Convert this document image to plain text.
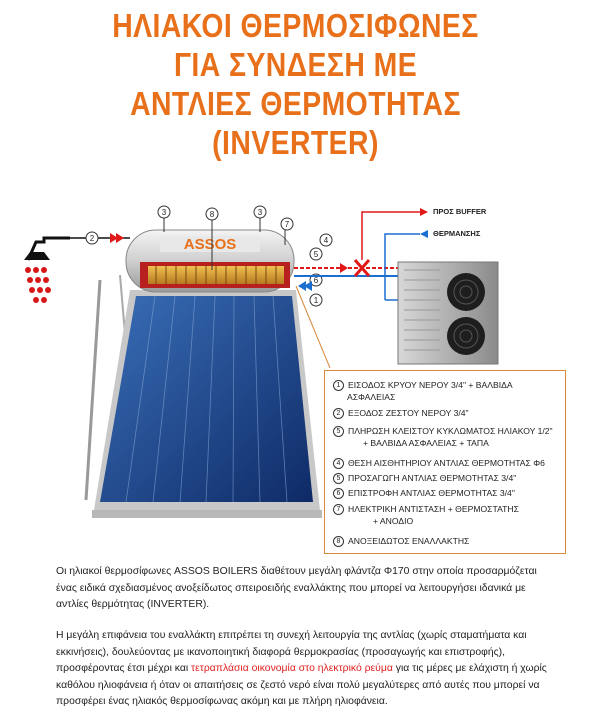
ΗΛΙΑΚΟΙ ΘΕΡΜΟΣΙΦΩΝΕΣ
ΓΙΑ ΣΥΝΔΕΣΗ ΜΕ
ΑΝΤΛΙΕΣ ΘΕΡΜΟΤΗΤΑΣ
(INVERTER)
2	ASSOS
3	8	3
7
4
5
1
6
ΠΡΟΣ BUFFER
ΘΕΡΜΑΝΣΗΣ
1 ΕΙΣΟΔΟΣ ΚΡΥΟΥ ΝΕΡΟΥ 3/4" + ΒΑΛΒΙΔΑ
ΑΣΦΑΛΕΙΑΣ
2 ΕΞΟΔΟΣ ΖΕΣΤΟΥ ΝΕΡΟΥ 3/4"
5 ΠΛΗΡΩΣΗ ΚΛΕΙΣΤΟΥ ΚΥΚΛΩΜΑΤΟΣ ΗΛΙΑΚΟΥ 1/2"
+ ΒΑΛΒΙΔΑ ΑΣΦΑΛΕΙΑΣ + ΤΑΠΑ
4 ΘΕΣΗ ΑΙΣΘΗΤΗΡΙΟΥ ΑΝΤΛΙΑΣ ΘΕΡΜΟΤΗΤΑΣ Φ6
5 ΠΡΟΣΑΓΩΓΗ ΑΝΤΛΙΑΣ ΘΕΡΜΟΤΗΤΑΣ 3/4"
6 ΕΠΙΣΤΡΟΦΗ ΑΝΤΛΙΑΣ ΘΕΡΜΟΤΗΤΑΣ 3/4"
7 ΗΛΕΚΤΡΙΚΗ ΑΝΤΙΣΤΑΣΗ + ΘΕΡΜΟΣΤΑΤΗΣ
+ ΑΝΟΔΙΟ
8 ΑΝΟΞΕΙΔΩΤΟΣ ΕΝΑΛΛΑΚΤΗΣ

Οι ηλιακοί θερμοσίφωνες ASSOS BOILERS διαθέτουν μεγάλη φλάντζα Φ170 στην οποία προσαρμόζεται ένας ειδικά σχεδιασμένος ανοξείδωτος σπειροειδής εναλλάκτης που μπορεί να λειτουργήσει ιδανικά με αντλίες θερμότητας (INVERTER).

Η μεγάλη επιφάνεια του εναλλάκτη επιτρέπει τη συνεχή λειτουργία της αντλίας (χωρίς σταματήματα και εκκινήσεις), δουλεύοντας με ικανοποιητική διαφορά θερμοκρασίας (προσαγωγής και επιστροφής), προσφέροντας έτσι μέχρι και τετραπλάσια οικονομία στο ηλεκτρικό ρεύμα για τις μέρες με ελάχιστη ή χωρίς καθόλου ηλιοφάνεια ή όταν οι απαιτήσεις σε ζεστό νερό είναι πολύ μεγαλύτερες από αυτές που μπορεί να προσφέρει ένας ηλιακός θερμοσίφωνας ακόμη και με πλήρη ηλιοφάνεια.
